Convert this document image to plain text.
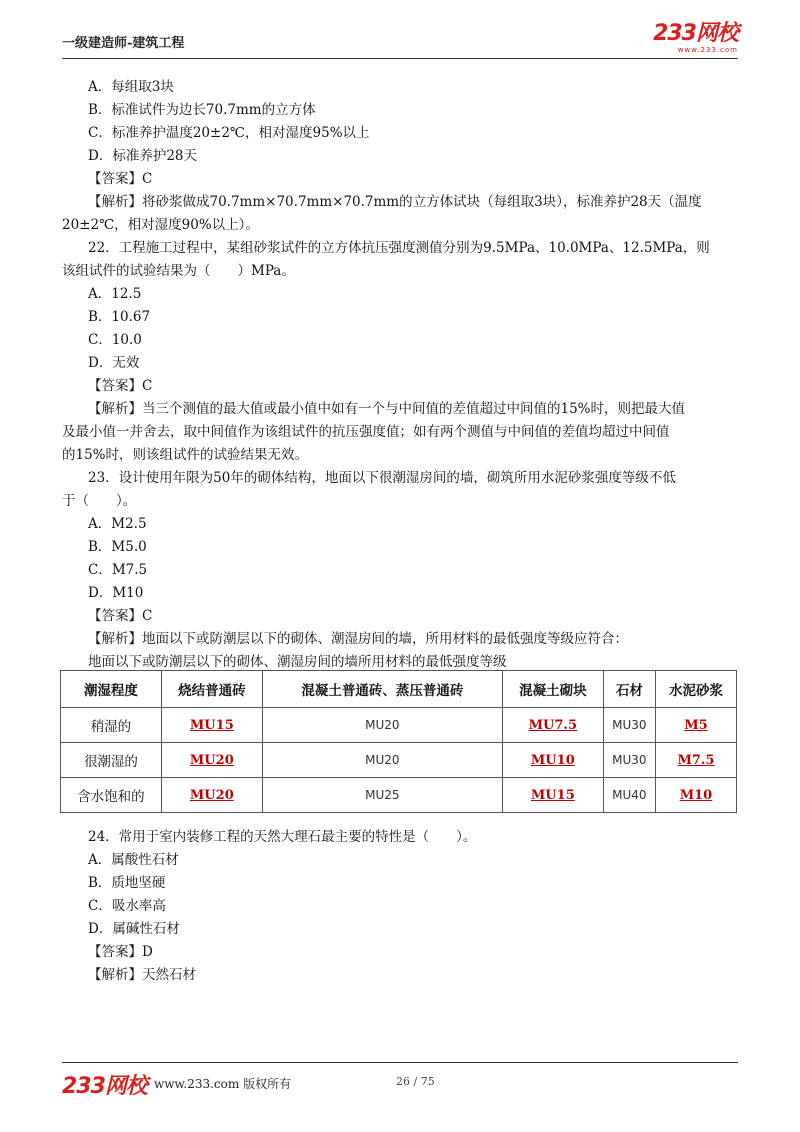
一级建造师-建筑工程	233网校
www.233.com
A．每组取3块
B．标准试件为边长70.7mm的立方体
C．标准养护温度20±2℃，相对湿度95%以上
D．标准养护28天
【答案】C
【解析】将砂浆做成70.7mm×70.7mm×70.7mm的立方体试块（每组取3块），标准养护28天（温度
20±2℃，相对湿度90%以上）。
22．工程施工过程中，某组砂浆试件的立方体抗压强度测值分别为9.5MPa、10.0MPa、12.5MPa，则
该组试件的试验结果为（　　）MPa。
A．12.5
B．10.67
C．10.0
D．无效
【答案】C
【解析】当三个测值的最大值或最小值中如有一个与中间值的差值超过中间值的15%时，则把最大值
及最小值一并舍去，取中间值作为该组试件的抗压强度值；如有两个测值与中间值的差值均超过中间值
的15%时，则该组试件的试验结果无效。
23．设计使用年限为50年的砌体结构，地面以下很潮湿房间的墙，砌筑所用水泥砂浆强度等级不低
于（　　）。
A．M2.5
B．M5.0
C．M7.5
D．M10
【答案】C
【解析】地面以下或防潮层以下的砌体、潮湿房间的墙，所用材料的最低强度等级应符合：
地面以下或防潮层以下的砌体、潮湿房间的墙所用材料的最低强度等级
潮湿程度	烧结普通砖	混凝土普通砖、蒸压普通砖	混凝土砌块	石材	水泥砂浆
稍湿的	MU15	MU20	MU7.5	MU30	M5
很潮湿的	MU20	MU20	MU10	MU30	M7.5
含水饱和的	MU20	MU25	MU15	MU40	M10
24．常用于室内装修工程的天然大理石最主要的特性是（　　）。
A．属酸性石材
B．质地坚硬
C．吸水率高
D．属碱性石材
【答案】D
【解析】天然石材
233网校 www.233.com 版权所有	26 / 75
